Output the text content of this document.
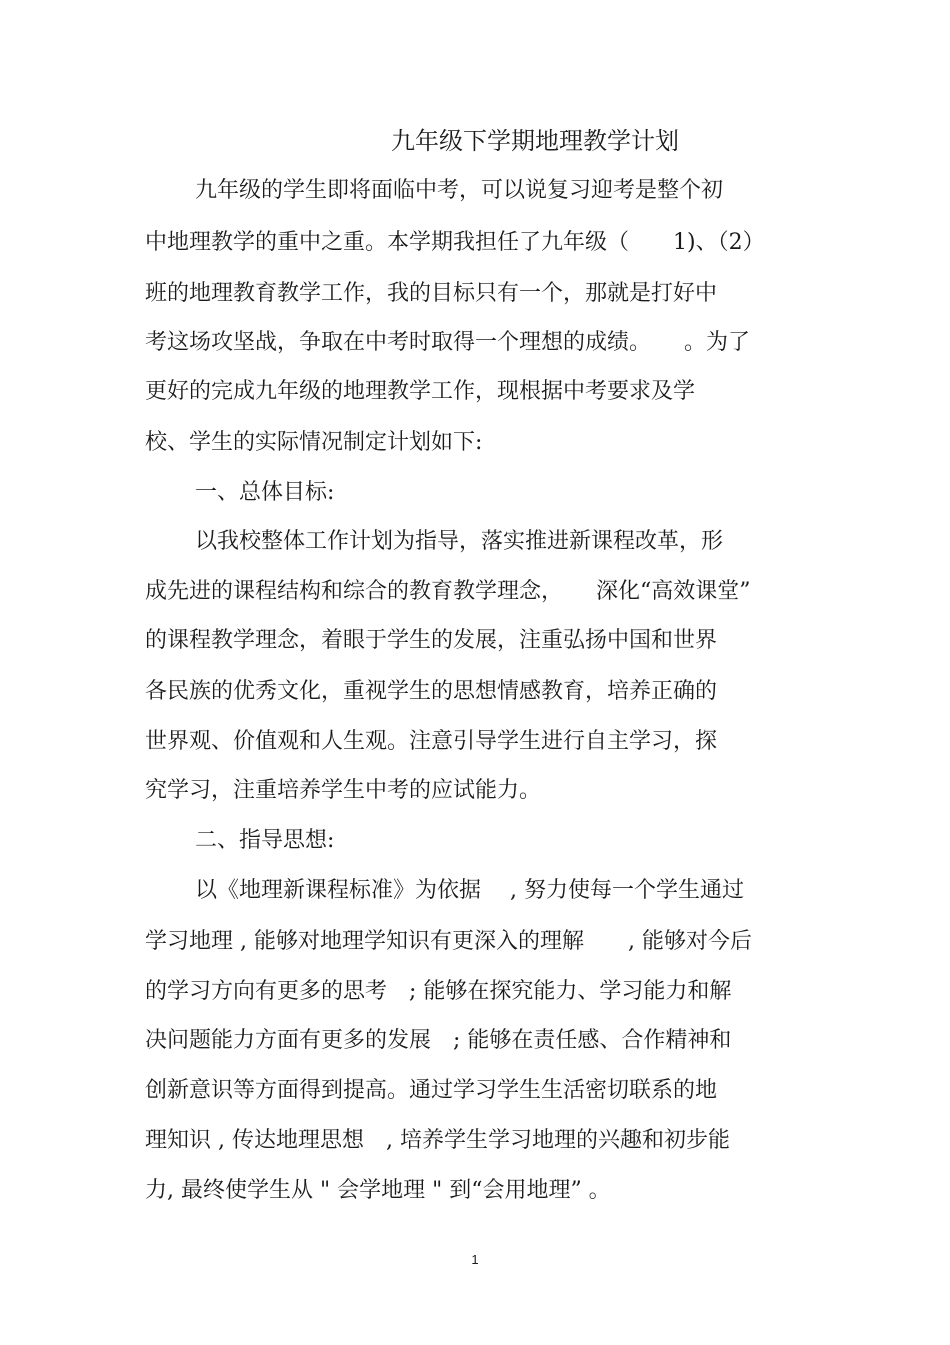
九年级下学期地理教学计划
九年级的学生即将面临中考，可以说复习迎考是整个初
中地理教学的重中之重。本学期我担任了九年级（　　1)、（2）
班的地理教育教学工作，我的目标只有一个，那就是打好中
考这场攻坚战，争取在中考时取得一个理想的成绩。　　。为了
更好的完成九年级的地理教学工作，现根据中考要求及学
校、学生的实际情况制定计划如下:
一、总体目标:
以我校整体工作计划为指导，落实推进新课程改革，形
成先进的课程结构和综合的教育教学理念，　　深化“高效课堂”
的课程教学理念，着眼于学生的发展，注重弘扬中国和世界
各民族的优秀文化，重视学生的思想情感教育，培养正确的
世界观、价值观和人生观。注意引导学生进行自主学习，探
究学习，注重培养学生中考的应试能力。
二、指导思想:
以《地理新课程标准》为依据　 , 努力使每一个学生通过
学习地理 , 能够对地理学知识有更深入的理解　　, 能够对今后
的学习方向有更多的思考　; 能够在探究能力、学习能力和解
决问题能力方面有更多的发展　; 能够在责任感、合作精神和
创新意识等方面得到提高。通过学习学生生活密切联系的地
理知识 , 传达地理思想　, 培养学生学习地理的兴趣和初步能
力, 最终使学生从 " 会学地理 " 到“会用地理” 。
1
